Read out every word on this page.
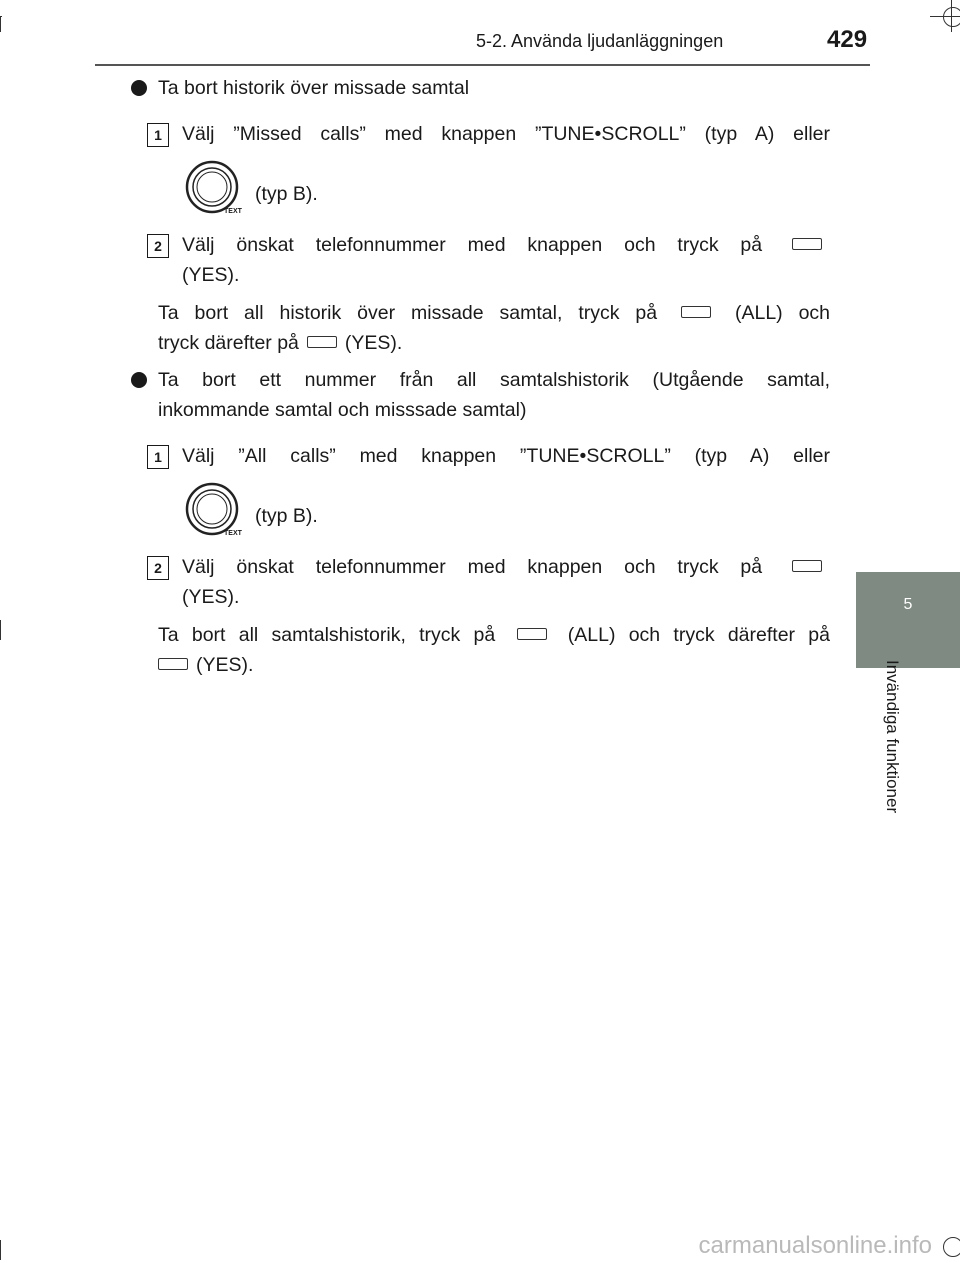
5-2. Använda ljudanläggningen	429
5
Invändiga funktioner
Ta bort historik över missade samtal
1	Välj ”Missed calls” med knappen ”TUNE•SCROLL” (typ A) eller
TEXT
(typ B).
2	Välj önskat telefonnummer med knappen och tryck på
(YES).
Ta bort all historik över missade samtal, tryck på	(ALL) och
tryck därefter på (YES).
Ta bort ett nummer från all samtalshistorik (Utgående samtal,
inkommande samtal och misssade samtal)
1	Välj ”All calls” med knappen ”TUNE•SCROLL” (typ A) eller
TEXT
(typ B).
2	Välj önskat telefonnummer med knappen och tryck på
(YES).
Ta bort all samtalshistorik, tryck på	(ALL) och tryck därefter på
(YES).
carmanualsonline.info
